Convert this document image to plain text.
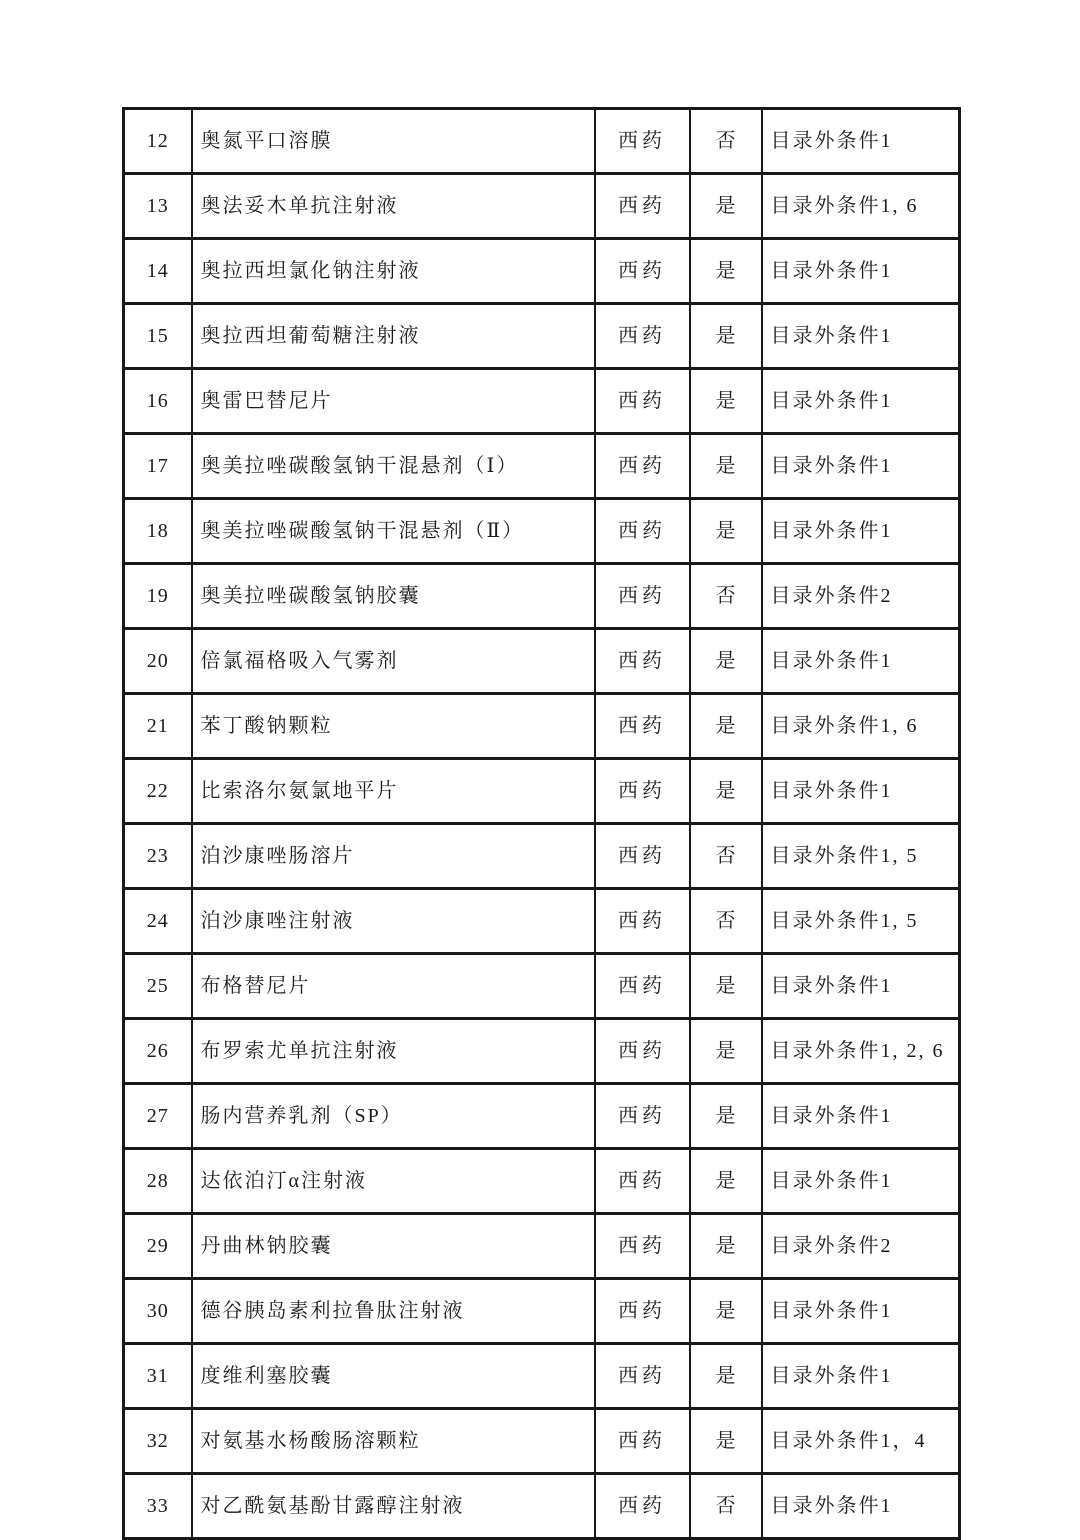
12	奥氮平口溶膜	西药	否	目录外条件1
13	奥法妥木单抗注射液	西药	是	目录外条件1, 6
14	奥拉西坦氯化钠注射液	西药	是	目录外条件1
15	奥拉西坦葡萄糖注射液	西药	是	目录外条件1
16	奥雷巴替尼片	西药	是	目录外条件1
17	奥美拉唑碳酸氢钠干混悬剂（Ⅰ）	西药	是	目录外条件1
18	奥美拉唑碳酸氢钠干混悬剂（Ⅱ）	西药	是	目录外条件1
19	奥美拉唑碳酸氢钠胶囊	西药	否	目录外条件2
20	倍氯福格吸入气雾剂	西药	是	目录外条件1
21	苯丁酸钠颗粒	西药	是	目录外条件1, 6
22	比索洛尔氨氯地平片	西药	是	目录外条件1
23	泊沙康唑肠溶片	西药	否	目录外条件1, 5
24	泊沙康唑注射液	西药	否	目录外条件1, 5
25	布格替尼片	西药	是	目录外条件1
26	布罗索尤单抗注射液	西药	是	目录外条件1, 2, 6
27	肠内营养乳剂（SP）	西药	是	目录外条件1
28	达依泊汀α注射液	西药	是	目录外条件1
29	丹曲林钠胶囊	西药	是	目录外条件2
30	德谷胰岛素利拉鲁肽注射液	西药	是	目录外条件1
31	度维利塞胶囊	西药	是	目录外条件1
32	对氨基水杨酸肠溶颗粒	西药	是	目录外条件1，4
33	对乙酰氨基酚甘露醇注射液	西药	否	目录外条件1
